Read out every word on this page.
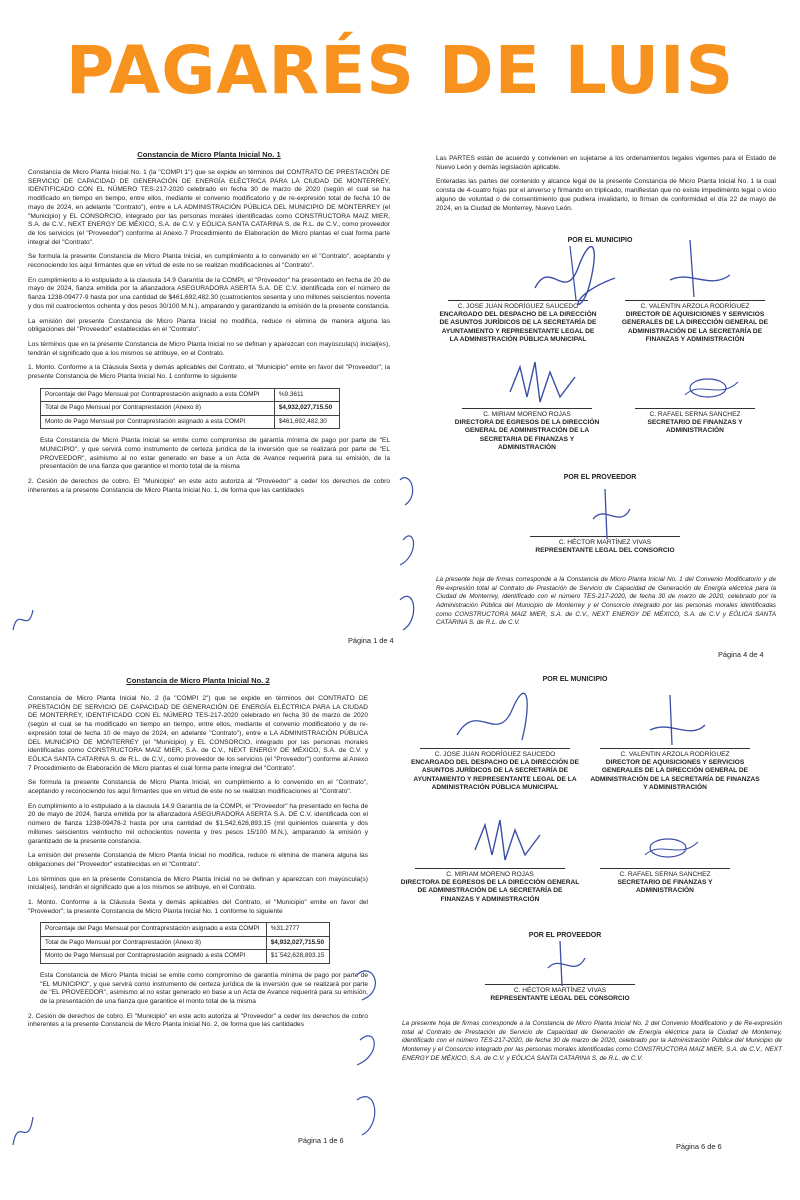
PAGARÉS DE LUIS
Constancia de Micro Planta Inicial No. 1

Constancia de Micro Planta Inicial No. 1 (la "COMPI 1") que se expide en términos del CONTRATO DE PRESTACIÓN DE SERVICIO DE CAPACIDAD DE GENERACIÓN DE ENERGÍA ELÉCTRICA PARA LA CIUDAD DE MONTERREY, IDENTIFICADO CON EL NÚMERO TES-217-2020 celebrado en fecha 30 de marzo de 2020 (según el cual se ha modificado en tiempo en tiempo, entre ellos, mediante el convenio modificatorio y de re-expresión total de fecha 10 de mayo de 2024, en adelante "Contrato"), entre e LA ADMINISTRACIÓN PÚBLICA DEL MUNICIPIO DE MONTERREY (el "Municipio) y EL CONSORCIO, integrado por las personas morales identificadas como CONSTRUCTORA MAIZ MIER, S.A. de C.V., NEXT ENERGY DE MÉXICO, S.A. de C.V. y EÓLICA SANTA CATARINA S. de R.L. de C.V., como proveedor de los servicios (el "Proveedor") conforme al Anexo 7 Procedimiento de Elaboración de Micro plantas el cual forma parte integral del "Contrato".

Se formula la presente Constancia de Micro Planta Inicial, en cumplimiento a lo convenido en el "Contrato", aceptando y reconociendo los aquí firmantes que en virtud de este no se realizan modificaciones al "Contrato".

En cumplimiento a lo estipulado a la clausula 14.9 Garantía de la COMPI, el "Proveedor" ha presentado en fecha de 20 de mayo de 2024, fianza emitida por la afianzadora ASEGURADORA ASERTA S.A. DE C.V. identificada con el número de fianza 1238-09477-9 hasta por una cantidad de $461,692,482.30 (cuatrocientos sesenta y uno millones seiscientos noventa y dos mil cuatrocientos ochenta y dos pesos 30/100 M.N.), amparando y garantizando la emisión de la presente constancia.

La emisión del presente Constancia de Micro Planta Inicial no modifica, reduce ni elimina de manera alguna las obligaciones del "Proveedor" establecidas en el "Contrato".

Los términos que en la presente Constancia de Micro Planta Inicial no se definan y aparezcan con mayúscula(s) inicial(es), tendrán el significado que a los mismos se atribuye, en el Contrato.

1. Monto. Conforme a la Cláusula Sexta y demás aplicables del Contrato, el "Municipio" emite en favor del "Proveedor"; la presente Constancia de Micro Planta Inicial No. 1 conforme lo siguiente

Porcentaje del Pago Mensual por Contraprestación asignado a esta COMPI	%9.3611
Total de Pago Mensual por Contraprestación (Anexo 8)	$4,932,027,715.50
Monto de Pago Mensual por Contraprestación asignado a esta COMPI	$461,692,482.30

Esta Constancia de Micro Planta Inicial se emite como compromiso de garantía mínima de pago por parte de "EL MUNICIPIO", y que servirá como instrumento de certeza jurídica de la inversión que se realizará por parte de "EL PROVEEDOR", asimismo al no estar generado en base a un Acta de Avance requerirá para su emisión, de la presentación de una fianza que garantice el monto total de la misma

2. Cesión de derechos de cobro. El "Municipio" en este acto autoriza al "Proveedor" a ceder los derechos de cobro inherentes a la presente Constancia de Micro Planta Inicial No. 1, de forma que las cantidades

Página 1 de 4

Las PARTES están de acuerdo y convienen en sujetarse a los ordenamientos legales vigentes para el Estado de Nuevo León y demás legislación aplicable.

Enteradas las partes del contenido y alcance legal de la presente Constancia de Micro Planta Inicial No. 1 la cual consta de 4-cuatro fojas por el anverso y firmando en triplicado, manifiestan que no existe impedimento legal o vicio alguno de voluntad o de consentimiento que pudiera invalidarlo, lo firman de conformidad el día 22 de mayo de 2024, en la Ciudad de Monterrey, Nuevo León.

POR EL MUNICIPIO
C. JOSE JUAN RODRÍGUEZ SAUCEDO
ENCARGADO DEL DESPACHO DE LA DIRECCIÓN DE ASUNTOS JURÍDICOS DE LA SECRETARÍA DE AYUNTAMIENTO Y REPRESENTANTE LEGAL DE LA ADMINISTRACIÓN PÚBLICA MUNICIPAL
C. VALENTIN ARZOLA RODRÍGUEZ
DIRECTOR DE AQUISICIONES Y SERVICIOS GENERALES DE LA DIRECCIÓN GENERAL DE ADMINISTRACIÓN DE LA SECRETARÍA DE FINANZAS Y ADMINISTRACIÓN
C. MIRIAM MORENO ROJAS
DIRECTORA DE EGRESOS DE LA DIRECCIÓN GENERAL DE ADMINISTRACIÓN DE LA SECRETARIA DE FINANZAS Y ADMINISTRACIÓN
C. RAFAEL SERNA SANCHEZ
SECRETARIO DE FINANZAS Y ADMINISTRACIÓN
POR EL PROVEEDOR
C. HÉCTOR MARTÍNEZ VIVAS
REPRESENTANTE LEGAL DEL CONSORCIO
La presente hoja de firmas corresponde a la Constancia de Micro Planta Inicial No. 1 del Convenio Modificatorio y de Re-expresión total al Contrato de Prestación de Servicio de Capacidad de Generación de Energía eléctrica para la Ciudad de Monterrey, identificado con el número TES-217-2020, de fecha 30 de marzo de 2020, celebrado por la Administración Pública del Municipio de Monterrey y el Consorcio integrado por las personas morales identificadas como CONSTRUCTORA MAIZ MIER, S.A. de C.V., NEXT ENERGY DE MÉXICO, S.A. de C.V y EÓLICA SANTA CATARINA S. de R.L. de C.V.
Página 4 de 4
Constancia de Micro Planta Inicial No. 2

Constancia de Micro Planta Inicial No. 2 (la "COMPI 2") que se expide en términos del CONTRATO DE PRESTACIÓN DE SERVICIO DE CAPACIDAD DE GENERACIÓN DE ENERGÍA ELÉCTRICA PARA LA CIUDAD DE MONTERREY, IDENTIFICADO CON EL NÚMERO TES-217-2020 celebrado en fecha 30 de marzo de 2020 (según el cual se ha modificado en tiempo en tiempo, entre ellos, mediante el convenio modificatorio y de re-expresión total de fecha 10 de mayo de 2024, en adelante "Contrato"), entre e LA ADMINISTRACIÓN PÚBLICA DEL MUNICIPIO DE MONTERREY (el "Municipio) y EL CONSORCIO, integrado por las personas morales identificadas como CONSTRUCTORA MAIZ MIER, S.A. de C.V., NEXT ENERGY DE MÉXICO, S.A. de C.V. y EÓLICA SANTA CATARINA S. de R.L. de C.V., como proveedor de los servicios (el "Proveedor") conforme al Anexo 7 Procedimiento de Elaboración de Micro plantas el cual forma parte integral del "Contrato".

Se formula la presente Constancia de Micro Planta Inicial, en cumplimiento a lo convenido en el "Contrato", aceptando y reconociendo los aquí firmantes que en virtud de este no se realizan modificaciones al "Contrato".

En cumplimiento a lo estipulado a la clausula 14.9 Garantía de la COMPI, el "Proveedor" ha presentado en fecha de 20 de mayo de 2024, fianza emitida por la afianzadora ASEGURADORA ASERTA S.A. DE C.V. identificada con el número de fianza 1238-09478-2 hasta por una cantidad de $1,542,628,893.15 (mil quinientos cuarenta y dos millones seiscientos veintiocho mil ochocientos noventa y tres pesos 15/100 M.N.), amparando la emisión y garantizado de la presente constancia.

La emisión del presente Constancia de Micro Planta Inicial no modifica, reduce ni elimina de manera alguna las obligaciones del "Proveedor" establecidas en el "Contrato".

Los términos que en la presente Constancia de Micro Planta Inicial no se definan y aparezcan con mayúscula(s) inicial(es), tendrán el significado que a los mismos se atribuye, en el Contrato.

1. Monto. Conforme a la Cláusula Sexta y demás aplicables del Contrato, el "Municipio" emite en favor del "Proveedor"; la presente Constancia de Micro Planta Inicial No. 1 conforme lo siguiente

Porcentaje del Pago Mensual por Contraprestación asignado a esta COMPI	%31.2777
Total de Pago Mensual por Contraprestación (Anexo 8)	$4,932,027,715.50
Monto de Pago Mensual por Contraprestación asignado a esta COMPI	$1´542,628,893.15

Esta Constancia de Micro Planta Inicial se emite como compromiso de garantía mínima de pago por parte de "EL MUNICIPIO", y que servirá como instrumento de certeza jurídica de la inversión que se realizará por parte de "EL PROVEEDOR", asimismo al no estar generado en base a un Acta de Avance requerirá para su emisión, de la presentación de una fianza que garantice el monto total de la misma

2. Cesión de derechos de cobro. El "Municipio" en este acto autoriza al "Proveedor" a ceder los derechos de cobro inherentes a la presente Constancia de Micro Planta Inicial No. 2, de forma que las cantidades

Página 1 de 6
POR EL MUNICIPIO
C. JOSE JUAN RODRÍGUEZ SAUCEDO
ENCARGADO DEL DESPACHO DE LA DIRECCIÓN DE ASUNTOS JURÍDICOS DE LA SECRETARÍA DE AYUNTAMIENTO Y REPRESENTANTE LEGAL DE LA ADMINISTRACIÓN PÚBLICA MUNICIPAL
C. VALENTIN ARZOLA RODRÍGUEZ
DIRECTOR DE AQUISICIONES Y SERVICIOS GENERALES DE LA DIRECCIÓN GENERAL DE ADMINISTRACIÓN DE LA SECRETARÍA DE FINANZAS Y ADMINISTRACIÓN
C. MIRIAM MORENO ROJAS
DIRECTORA DE EGRESOS DE LA DIRECCIÓN GENERAL DE ADMINISTRACIÓN DE LA SECRETARÍA DE FINANZAS Y ADMINISTRACIÓN
C. RAFAEL SERNA SANCHEZ
SECRETARIO DE FINANZAS Y ADMINISTRACIÓN
POR EL PROVEEDOR
C. HÉCTOR MARTÍNEZ VIVAS
REPRESENTANTE LEGAL DEL CONSORCIO
La presente hoja de firmas corresponde a la Constancia de Micro Planta Inicial No. 2 del Convenio Modificatorio y de Re-expresión total al Contrato de Prestación de Servicio de Capacidad de Generación de Energía eléctrica para la Ciudad de Monterrey, identificado con el número TES-217-2020, de fecha 30 de marzo de 2020, celebrado por la Administración Pública del Municipio de Monterrey y el Consorcio integrado por las personas morales identificadas como CONSTRUCTORA MAIZ MIER, S.A. de C.V., NEXT ENERGY DE MÉXICO, S.A. de C.V. y EÓLICA SANTA CATARINA S. de R.L. de C.V.
Página 6 de 6
